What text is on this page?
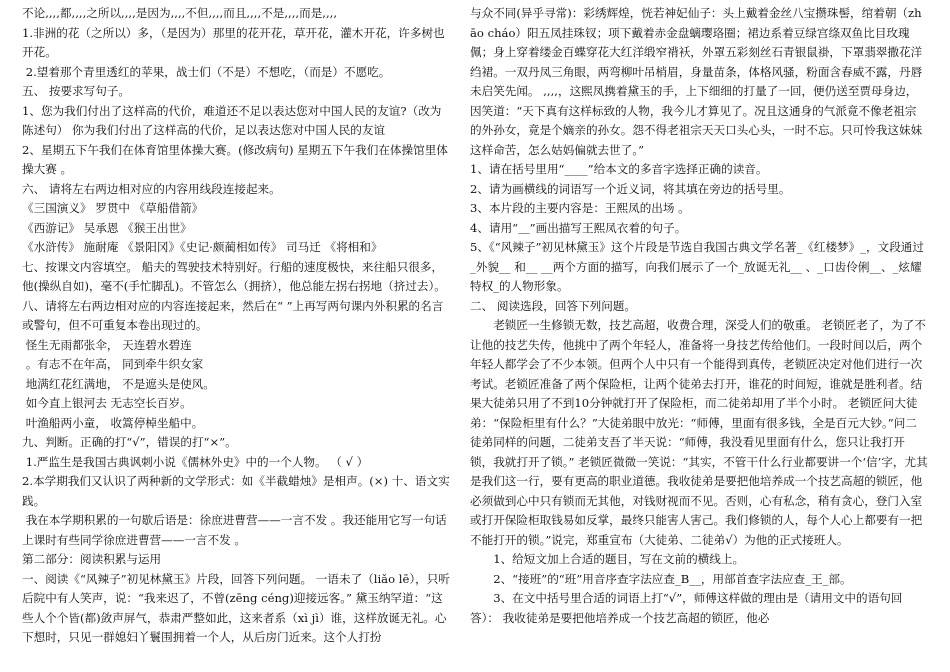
不论,,,,都,,,,之所以,,,,是因为,,,,不但,,,,而且,,,,不是,,,,而是,,,,

1.非洲的花（之所以）多，（是因为）那里的花开花，草开花，灌木开花，许多树也开花。

2.望着那个青里透红的苹果，战士们（不是）不想吃，（而是）不愿吃。

五、 按要求写句子。

1、您为我们付出了这样高的代价，难道还不足以表达您对中国人民的友谊?（改为陈述句） 你为我们付出了这样高的代价，足以表达您对中国人民的友谊

2、星期五下午我们在体育馆里体操大赛。(修改病句) 星期五下午我们在体操馆里体操大赛 。

六、 请将左右两边相对应的内容用线段连接起来。

《三国演义》 罗贯中 《草船借箭》

《西游记》 吴承恩 《猴王出世》

《水浒传》 施耐庵 《景阳冈》《史记·颇蔺相如传》 司马迁 《将相和》

七、按课文内容填空。 船夫的驾驶技术特别好。行船的速度极快，来往船只很多，他(操纵自如)，毫不(手忙脚乱)。不管怎么（拥挤），他总能左拐右拐地（挤过去）。

八、请将左右两边相对应的内容连接起来，然后在“ ”上再写两句课内外积累的名言或警句，但不可重复本卷出现过的。

怪生无雨都张伞， 天连碧水碧连

。有志不在年高， 同到牵牛织女家

地满红花红满地， 不是遮头是使风。

如今直上银河去 无志空长百岁。

叶渔船两小童， 收篙停棹坐船中。

九、判断。正确的打“√”，错误的打“×”。

1.严监生是我国古典讽刺小说《儒林外史》中的一个人物。 （ √ ）

2.本学期我们又认识了两种新的文学形式：如《半截蜡烛》是相声。(×) 十、语文实践。

我在本学期积累的一句歇后语是：徐庶进曹营——一言不发 。我还能用它写一句话 上课时有些同学徐庶进曹营——一言不发 。

第二部分：阅读积累与运用

一、阅读《“风辣子”初见林黛玉》片段，回答下列问题。 一语未了（liǎo lē），只听后院中有人笑声，说：“我来迟了，不曾(zēng céng)迎接远客。” 黛玉纳罕道：“这些人个个皆(都)敛声屏气，恭肃严整如此，这来者系（xì jì）谁，这样放诞无礼。心下想时，只见一群媳妇丫鬟围拥着一个人，从后房门近来。这个人打扮

与众不同(异乎寻常)：彩绣辉煌，恍若神妃仙子：头上戴着金丝八宝攒珠髻，绾着朝（zhāo cháo）阳五凤挂珠钗；项下戴着赤金盘螭璎珞圈；裙边系着豆绿宫绦双鱼比目玫瑰佩；身上穿着缕金百蝶穿花大红洋缎窄褙袄，外罩五彩刻丝石青银鼠褂，下罩翡翠撒花洋绉裙。一双丹凤三角眼，两弯柳叶吊梢眉，身量苗条，体格风骚，粉面含春威不露，丹唇未启笑先闻。 ,,,,，这熙凤携着黛玉的手，上下细细的打量了一回，便仍送至贾母身边，因笑道：“天下真有这样标致的人物，我今儿才算见了。况且这通身的气派竟不像老祖宗的外孙女，竟是个嫡亲的孙女。怨不得老祖宗天天口头心头，一时不忘。只可怜我这妹妹这样命苦，怎么姑妈偏就去世了。”

1、请在括号里用“____”给本文的多音字选择正确的读音。

2、请为画横线的词语写一个近义词，将其填在旁边的括号里。

3、本片段的主要内容是：王熙凤的出场 。

4、请用“＿”画出描写王熙凤衣着的句子。

5、《“风辣子”初见林黛玉》这个片段是节选自我国古典文学名著_《红楼梦》_，文段通过_外貌__ 和__ __两个方面的描写，向我们展示了一个_放诞无礼__ 、_口齿伶俐__、_炫耀特权_的人物形象。

二、 阅读选段，回答下列问题。

　　老锁匠一生修锁无数，技艺高超，收费合理，深受人们的敬重。 老锁匠老了，为了不让他的技艺失传，他挑中了两个年轻人，准备将一身技艺传给他们。一段时间以后，两个年轻人都学会了不少本领。但两个人中只有一个能得到真传，老锁匠决定对他们进行一次考试。老锁匠准备了两个保险柜，让两个徒弟去打开，谁花的时间短，谁就是胜利者。结果大徒弟只用了不到10分钟就打开了保险柜，而二徒弟却用了半个小时。 老锁匠问大徒弟：“保险柜里有什么？”大徒弟眼中放光：“师傅，里面有很多钱，全是百元大钞。”问二徒弟同样的问题，二徒弟支吾了半天说：“师傅，我没看见里面有什么，您只让我打开锁，我就打开了锁。” 老锁匠微微一笑说：“其实，不管干什么行业都要讲一个‘信’字，尤其是我们这一行，要有更高的职业道德。我收徒弟是要把他培养成一个技艺高超的锁匠，他必须做到心中只有锁而无其他，对钱财视而不见。否则，心有私念，稍有贪心，登门入室或打开保险柜取钱易如反掌，最终只能害人害己。我们修锁的人，每个人心上都要有一把不能打开的锁。”说完，郑重宣布（大徒弟、二徒弟√）为他的正式接班人。

　　1、给短文加上合适的题目，写在文前的横线上。

　　2、“接班”的“班”用音序查字法应查_B__，用部首查字法应查_王_部。

　　3、在文中括号里合适的词语上打“√”，师傅这样做的理由是（请用文中的语句回答）： 我收徒弟是要把他培养成一个技艺高超的锁匠，他必
